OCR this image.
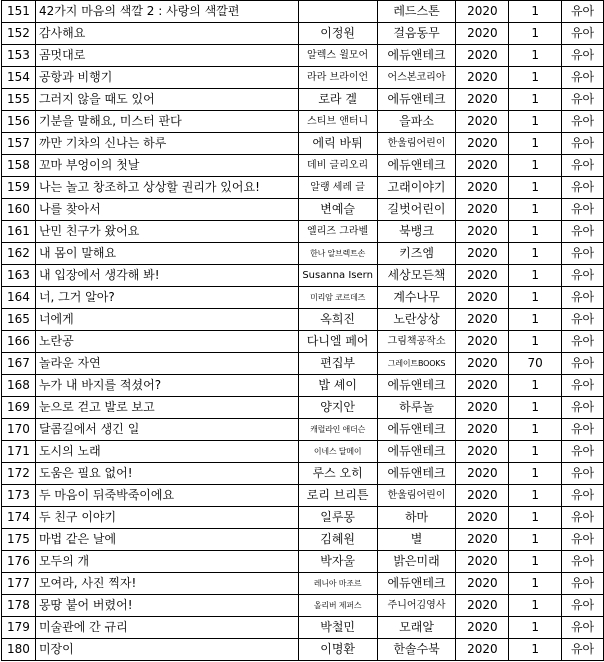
151	42가지 마음의 색깔 2 : 사랑의 색깔편		레드스톤	2020	1	유아
152	감사해요	이정원	걸음동무	2020	1	유아
153	곰멋대로	알렉스 윌모어	에듀앤테크	2020	1	유아
154	공항과 비행기	라라 브라이언	어스본코리아	2020	1	유아
155	그러지 않을 때도 있어	로라 겔	에듀앤테크	2020	1	유아
156	기분을 말해요, 미스터 판다	스티브 앤터니	을파소	2020	1	유아
157	까만 기차의 신나는 하루	에릭 바튀	한울림어린이	2020	1	유아
158	꼬마 부엉이의 첫날	데비 글리오리	에듀앤테크	2020	1	유아
159	나는 놀고 창조하고 상상할 권리가 있어요!	알랭 세레 글	고래이야기	2020	1	유아
160	나를 찾아서	변예슬	길벗어린이	2020	1	유아
161	난민 친구가 왔어요	엘리즈 그라벨	북뱅크	2020	1	유아
162	내 몸이 말해요	한나 알브렉트손	키즈엠	2020	1	유아
163	내 입장에서 생각해 봐!	Susanna Isern	세상모든책	2020	1	유아
164	너, 그거 알아?	미리암 코르데즈	계수나무	2020	1	유아
165	너에게	옥희진	노란상상	2020	1	유아
166	노란공	다니엘 페어	그림책공작소	2020	1	유아
167	놀라운 자연	편집부	그레이트BOOKS	2020	70	유아
168	누가 내 바지를 적셨어?	밥 셰이	에듀앤테크	2020	1	유아
169	눈으로 걷고 발로 보고	양지안	하루놀	2020	1	유아
170	달콤길에서 생긴 일	캐럴라인 애더슨	에듀앤테크	2020	1	유아
171	도시의 노래	이네스 달메이	에듀앤테크	2020	1	유아
172	도움은 필요 없어!	루스 오히	에듀앤테크	2020	1	유아
173	두 마음이 뒤죽박죽이에요	로리 브리튼	한울림어린이	2020	1	유아
174	두 친구 이야기	일루몽	하마	2020	1	유아
175	마법 같은 날에	김혜원	별	2020	1	유아
176	모두의 개	박자울	밝은미래	2020	1	유아
177	모여라, 사진 찍자!	레니아 마조르	에듀앤테크	2020	1	유아
178	몽땅 붙어 버렸어!	올리버 제퍼스	주니어김영사	2020	1	유아
179	미술관에 간 규리	박철민	모래알	2020	1	유아
180	미장이	이명환	한솔수북	2020	1	유아
